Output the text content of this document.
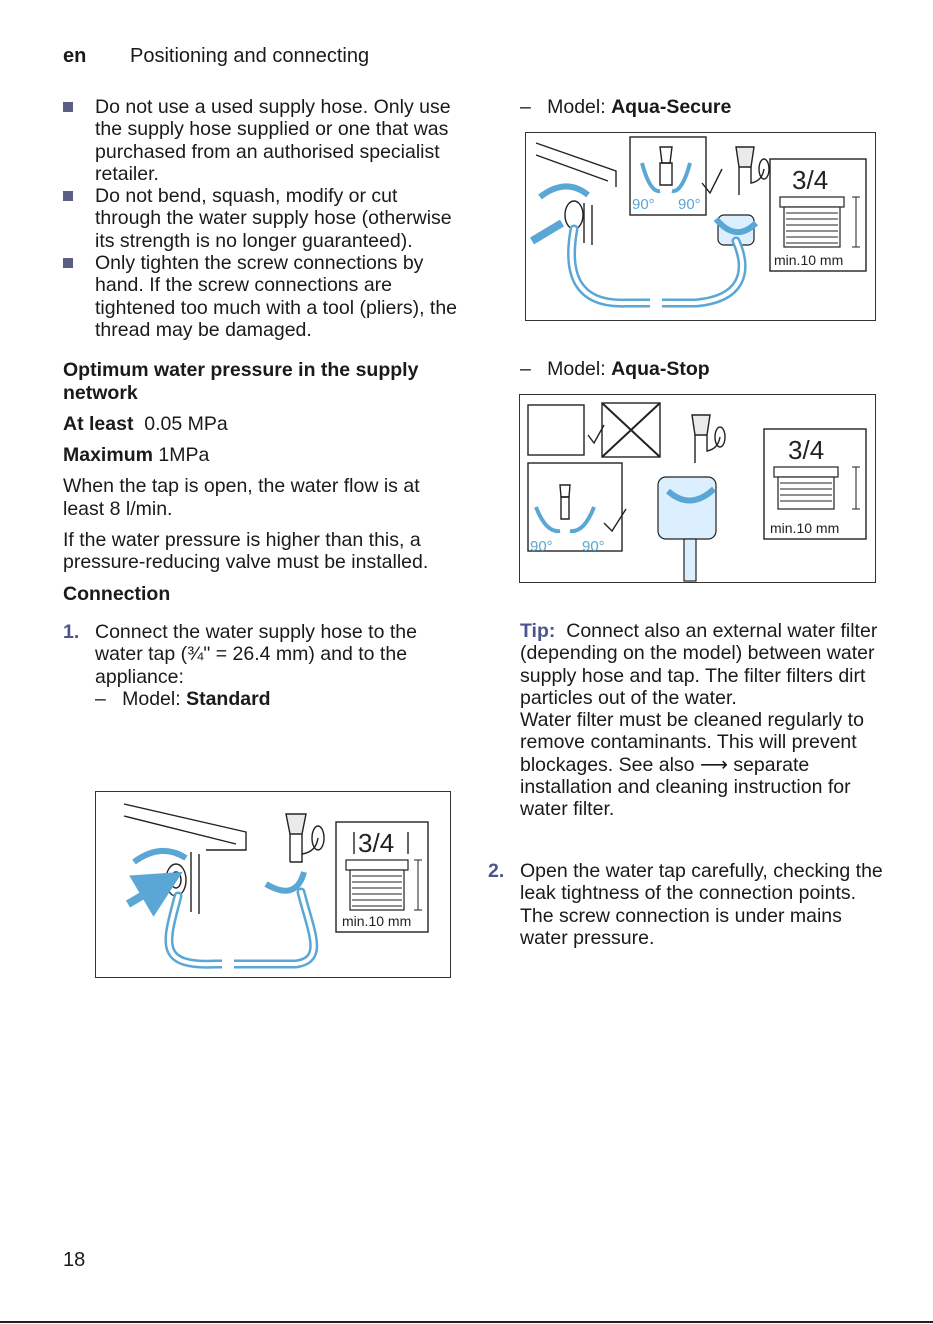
en Positioning and connecting
Do not use a used supply hose. Only use the supply hose supplied or one that was purchased from an authorised specialist retailer.
Do not bend, squash, modify or cut through the water supply hose (otherwise its strength is no longer guaranteed).
Only tighten the screw connections by hand. If the screw connections are tightened too much with a tool (pliers), the thread may be damaged.

Optimum water pressure in the supply network

At least 0.05 MPa

Maximum 1MPa

When the tap is open, the water flow is at least 8 l/min.

If the water pressure is higher than this, a pressure-reducing valve must be installed.

Connection

1. Connect the water supply hose to the water tap (¾" = 26.4 mm) and to the appliance:
– Model: Standard
3/4
min.10 mm

– Model: Aqua-Secure

90° 90°
3/4
min.10 mm

– Model: Aqua-Stop

90° 90°
3/4
min.10 mm

Tip: Connect also an external water filter (depending on the model) between water supply hose and tap. The filter filters dirt particles out of the water.

Water filter must be cleaned regularly to remove contaminants. This will prevent blockages. See also ⟶ separate installation and cleaning instruction for water filter.

2. Open the water tap carefully, checking the leak tightness of the connection points. The screw connection is under mains water pressure.
18
